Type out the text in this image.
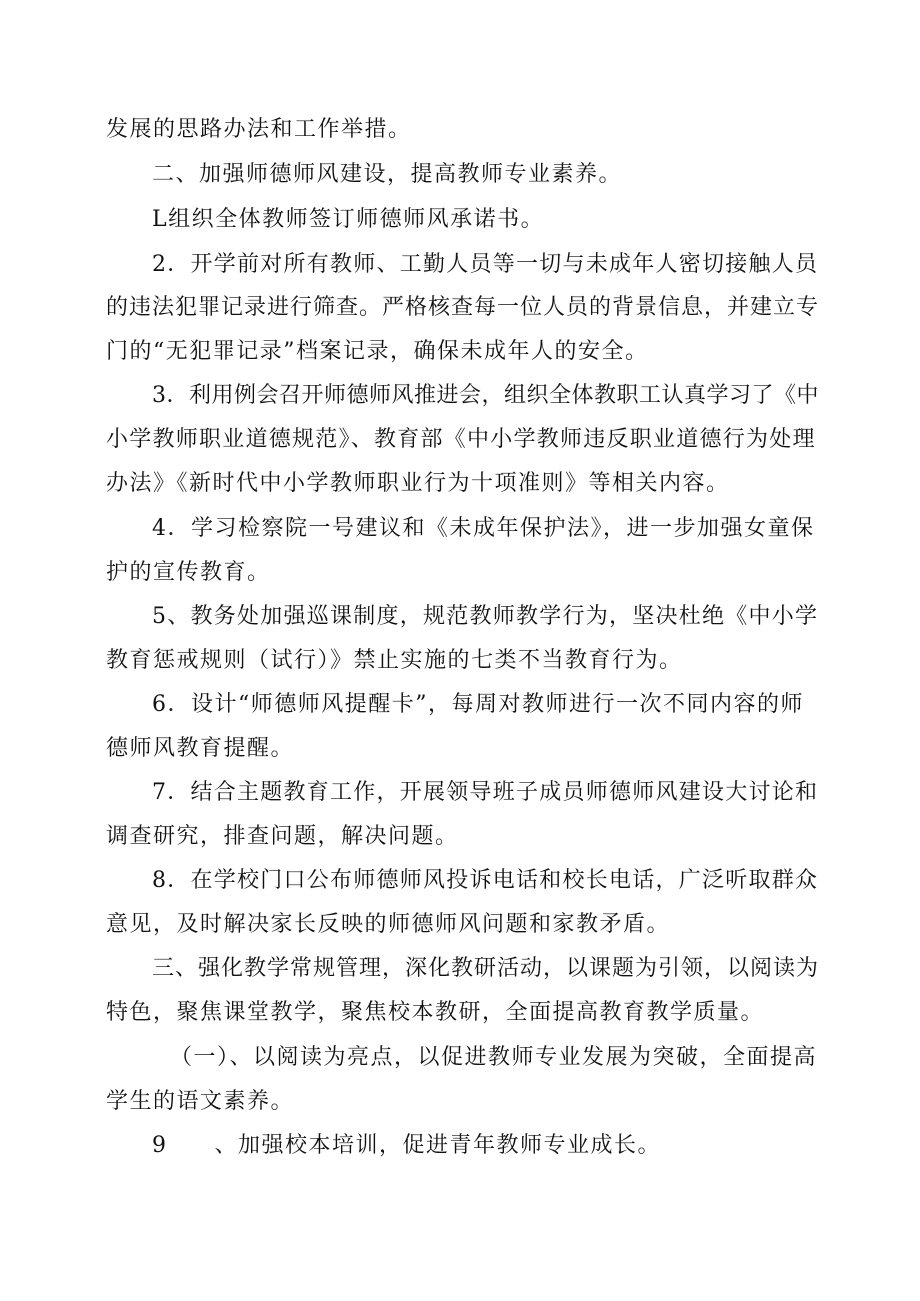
发展的思路办法和工作举措。
二、加强师德师风建设，提高教师专业素养。
L组织全体教师签订师德师风承诺书。
2．开学前对所有教师、工勤人员等一切与未成年人密切接触人员
的违法犯罪记录进行筛查。严格核查每一位人员的背景信息，并建立专
门的“无犯罪记录”档案记录，确保未成年人的安全。
3．利用例会召开师德师风推进会，组织全体教职工认真学习了《中
小学教师职业道德规范》、教育部《中小学教师违反职业道德行为处理
办法》《新时代中小学教师职业行为十项准则》等相关内容。
4．学习检察院一号建议和《未成年保护法》，进一步加强女童保
护的宣传教育。
5、教务处加强巡课制度，规范教师教学行为，坚决杜绝《中小学
教育惩戒规则（试行）》禁止实施的七类不当教育行为。
6．设计“师德师风提醒卡”，每周对教师进行一次不同内容的师
德师风教育提醒。
7．结合主题教育工作，开展领导班子成员师德师风建设大讨论和
调查研究，排查问题，解决问题。
8．在学校门口公布师德师风投诉电话和校长电话，广泛听取群众
意见，及时解决家长反映的师德师风问题和家教矛盾。
三、强化教学常规管理，深化教研活动，以课题为引领，以阅读为
特色，聚焦课堂教学，聚焦校本教研，全面提高教育教学质量。
（一）、以阅读为亮点，以促进教师专业发展为突破，全面提高
学生的语文素养。
9　　、加强校本培训，促进青年教师专业成长。
